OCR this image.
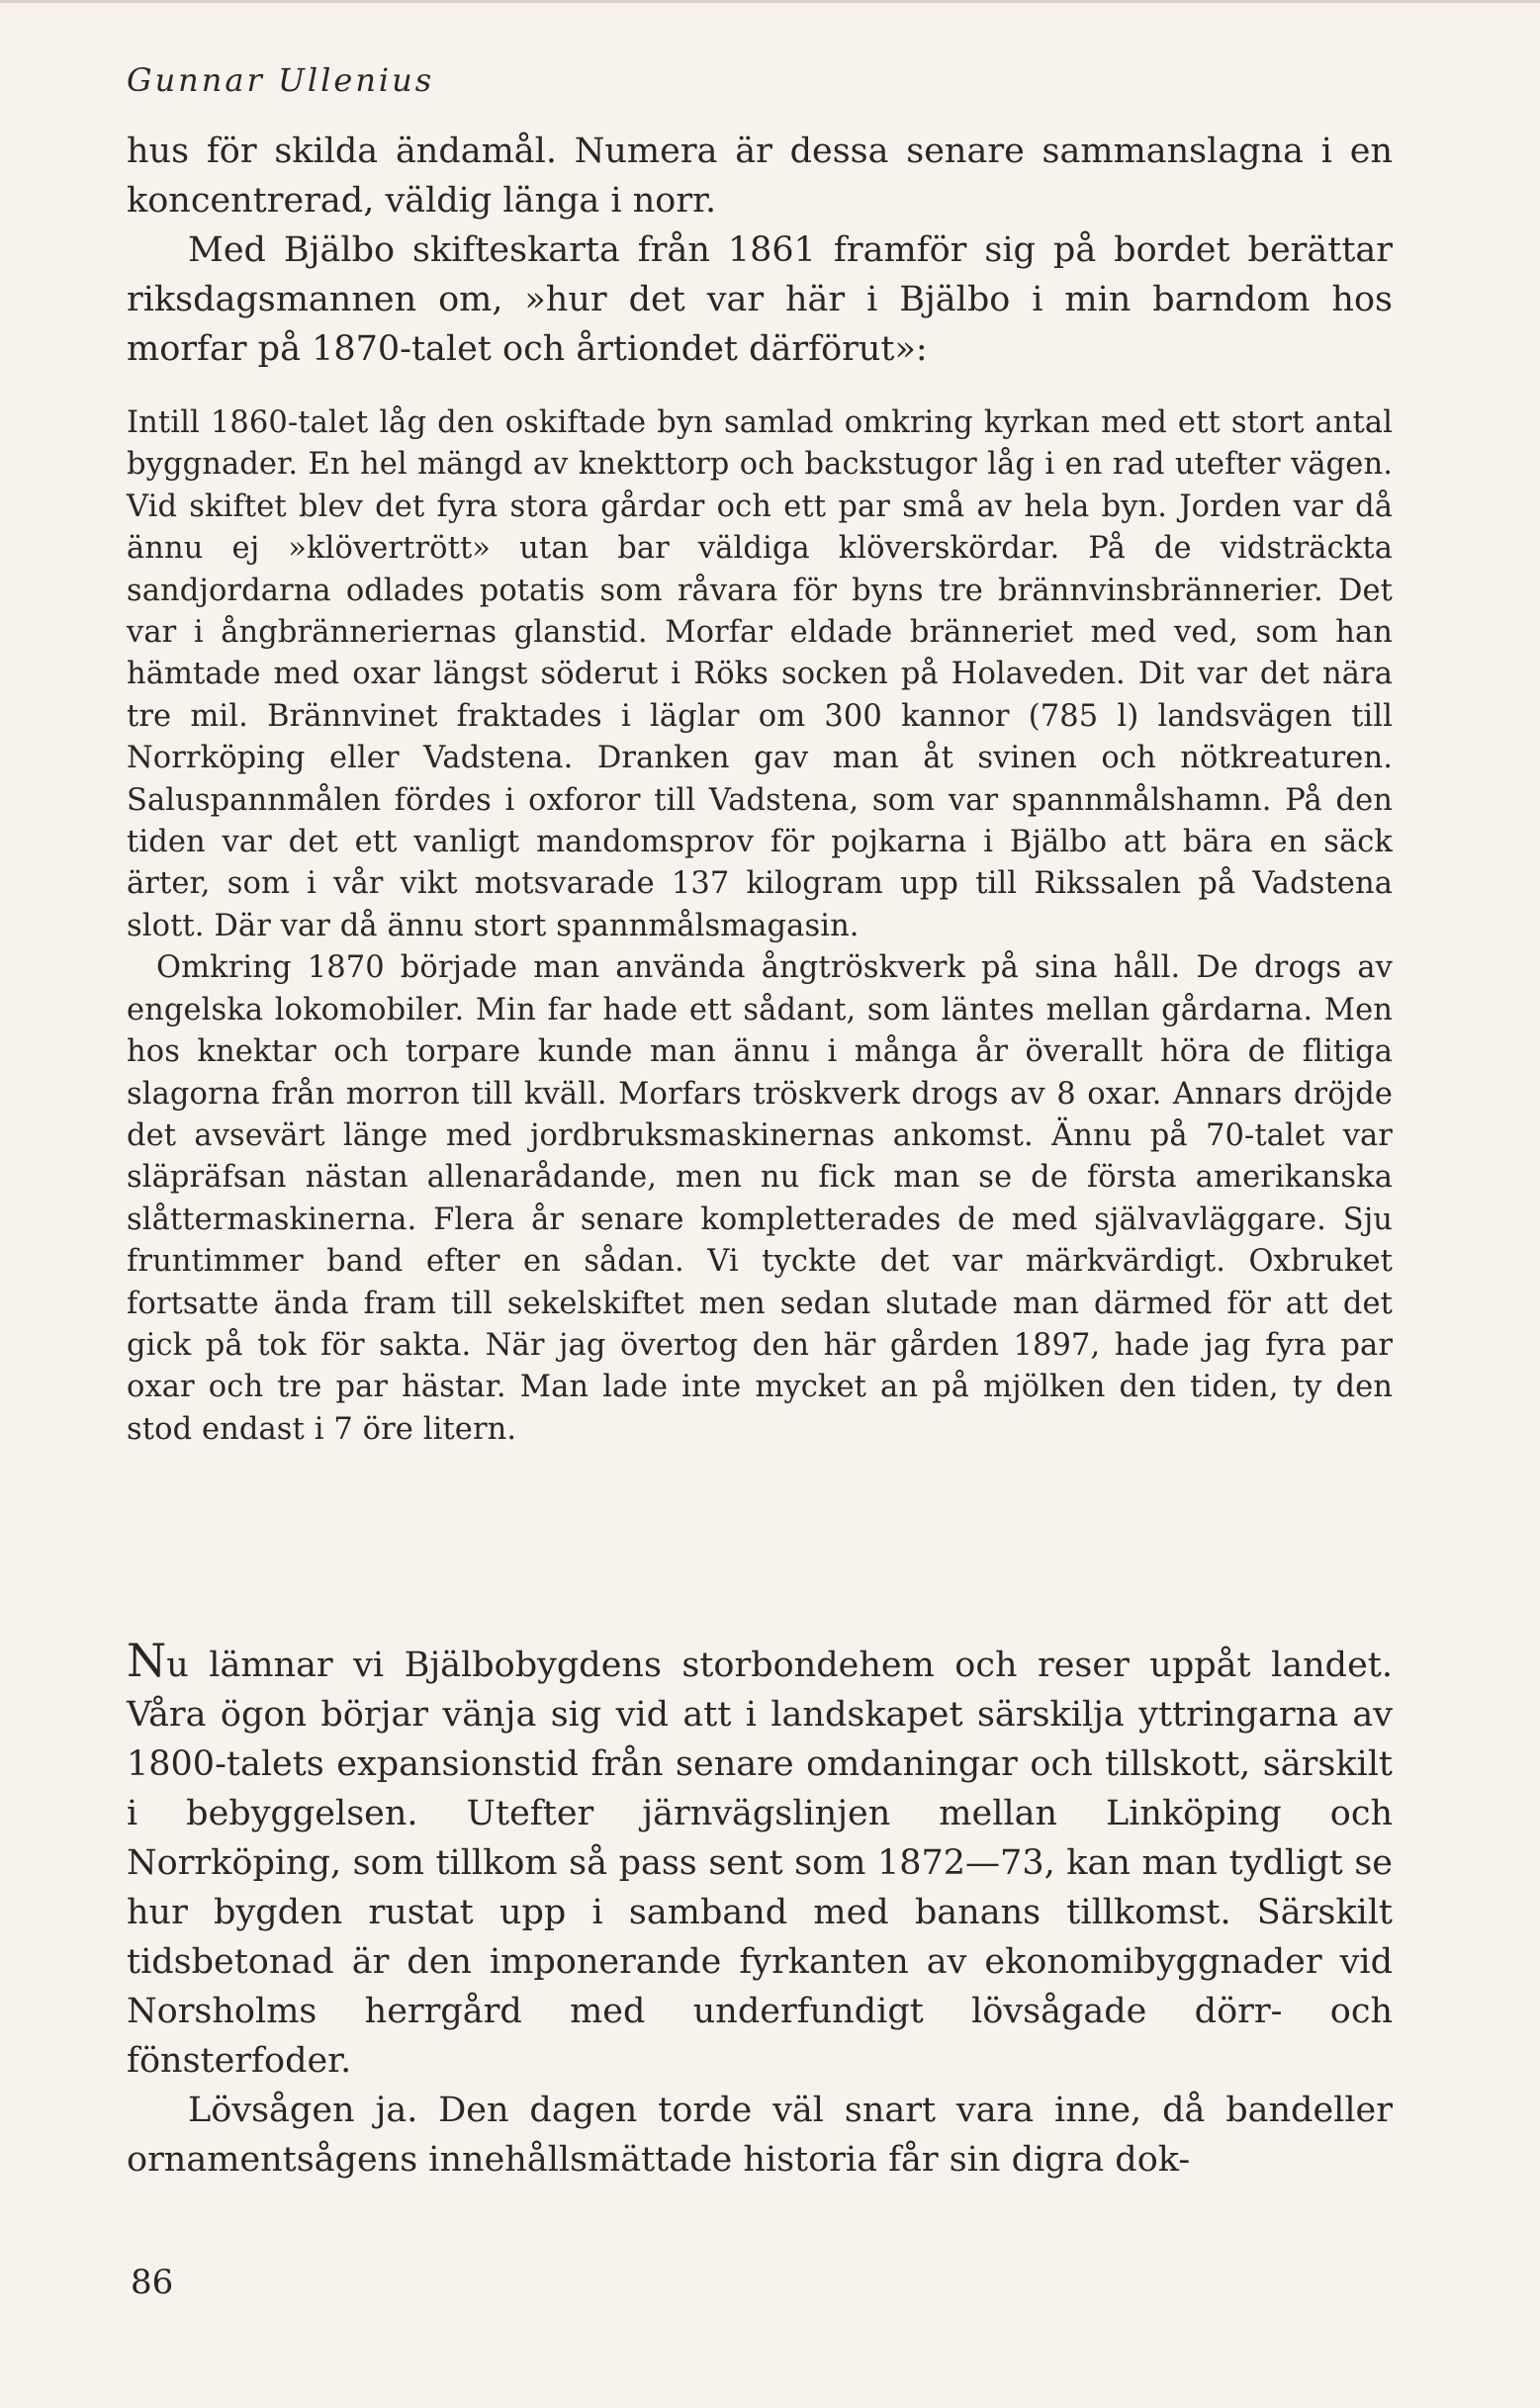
Gunnar Ullenius

hus för skilda ändamål. Numera är dessa senare sammanslagna i en koncentrerad, väldig länga i norr.

Med Bjälbo skifteskarta från 1861 framför sig på bordet berättar riksdagsmannen om, »hur det var här i Bjälbo i min barndom hos morfar på 1870-talet och årtiondet därförut»:

Intill 1860-talet låg den oskiftade byn samlad omkring kyrkan med ett stort antal byggnader. En hel mängd av knekttorp och backstugor låg i en rad utefter vägen. Vid skiftet blev det fyra stora gårdar och ett par små av hela byn. Jorden var då ännu ej »klövertrött» utan bar väldiga klöverskördar. På de vidsträckta sandjordarna odlades potatis som råvara för byns tre brännvinsbrännerier. Det var i ångbränneriernas glanstid. Morfar eldade bränneriet med ved, som han hämtade med oxar längst söderut i Röks socken på Holaveden. Dit var det nära tre mil. Brännvinet fraktades i läglar om 300 kannor (785 l) landsvägen till Norrköping eller Vadstena. Dranken gav man åt svinen och nötkreaturen. Saluspannmålen fördes i oxforor till Vadstena, som var spannmålshamn. På den tiden var det ett vanligt mandomsprov för pojkarna i Bjälbo att bära en säck ärter, som i vår vikt motsvarade 137 kilogram upp till Rikssalen på Vadstena slott. Där var då ännu stort spannmålsmagasin.

Omkring 1870 började man använda ångtröskverk på sina håll. De drogs av engelska lokomobiler. Min far hade ett sådant, som läntes mellan gårdarna. Men hos knektar och torpare kunde man ännu i många år överallt höra de flitiga slagorna från morron till kväll. Morfars tröskverk drogs av 8 oxar. Annars dröjde det avsevärt länge med jordbruksmaskinernas ankomst. Ännu på 70-talet var släpräfsan nästan allenarådande, men nu fick man se de första amerikanska slåttermaskinerna. Flera år senare kompletterades de med självavläggare. Sju fruntimmer band efter en sådan. Vi tyckte det var märkvärdigt. Oxbruket fortsatte ända fram till sekelskiftet men sedan slutade man därmed för att det gick på tok för sakta. När jag övertog den här gården 1897, hade jag fyra par oxar och tre par hästar. Man lade inte mycket an på mjölken den tiden, ty den stod endast i 7 öre litern.

Nu lämnar vi Bjälbobygdens storbondehem och reser uppåt landet. Våra ögon börjar vänja sig vid att i landskapet särskilja yttringarna av 1800-talets expansionstid från senare omdaningar och tillskott, särskilt i bebyggelsen. Utefter järnvägslinjen mellan Linköping och Norrköping, som tillkom så pass sent som 1872—73, kan man tydligt se hur bygden rustat upp i samband med banans tillkomst. Särskilt tidsbetonad är den imponerande fyrkanten av ekonomibyggnader vid Norsholms herrgård med underfundigt lövsågade dörr- och fönsterfoder.

Lövsågen ja. Den dagen torde väl snart vara inne, då bandeller ornamentsågens innehållsmättade historia får sin digra dok-

86
